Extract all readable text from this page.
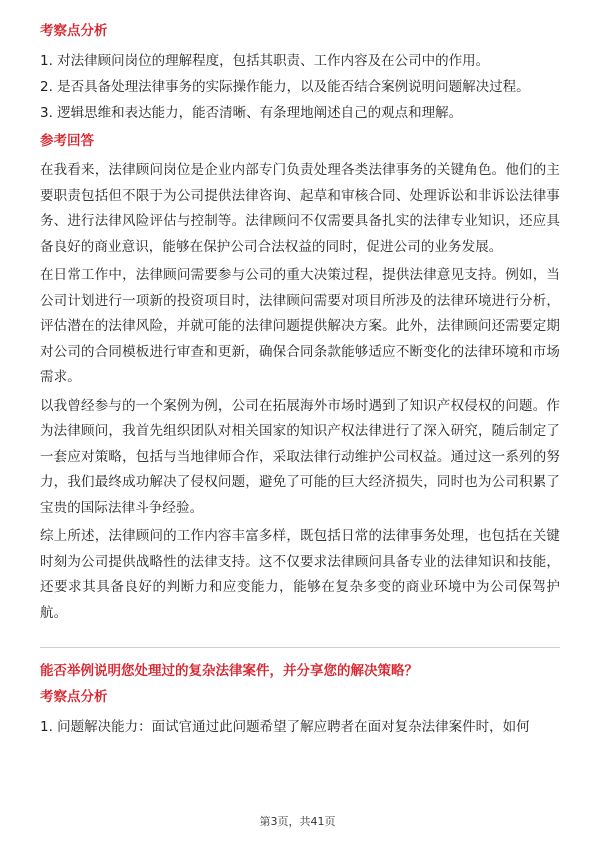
考察点分析

1. 对法律顾问岗位的理解程度，包括其职责、工作内容及在公司中的作用。

2. 是否具备处理法律事务的实际操作能力，以及能否结合案例说明问题解决过程。

3. 逻辑思维和表达能力，能否清晰、有条理地阐述自己的观点和理解。

参考回答

在我看来，法律顾问岗位是企业内部专门负责处理各类法律事务的关键角色。他们的主要职责包括但不限于为公司提供法律咨询、起草和审核合同、处理诉讼和非诉讼法律事务、进行法律风险评估与控制等。法律顾问不仅需要具备扎实的法律专业知识，还应具备良好的商业意识，能够在保护公司合法权益的同时，促进公司的业务发展。

在日常工作中，法律顾问需要参与公司的重大决策过程，提供法律意见支持。例如，当公司计划进行一项新的投资项目时，法律顾问需要对项目所涉及的法律环境进行分析，评估潜在的法律风险，并就可能的法律问题提供解决方案。此外，法律顾问还需要定期对公司的合同模板进行审查和更新，确保合同条款能够适应不断变化的法律环境和市场需求。

以我曾经参与的一个案例为例，公司在拓展海外市场时遇到了知识产权侵权的问题。作为法律顾问，我首先组织团队对相关国家的知识产权法律进行了深入研究，随后制定了一套应对策略，包括与当地律师合作，采取法律行动维护公司权益。通过这一系列的努力，我们最终成功解决了侵权问题，避免了可能的巨大经济损失，同时也为公司积累了宝贵的国际法律斗争经验。

综上所述，法律顾问的工作内容丰富多样，既包括日常的法律事务处理，也包括在关键时刻为公司提供战略性的法律支持。这不仅要求法律顾问具备专业的法律知识和技能，还要求其具备良好的判断力和应变能力，能够在复杂多变的商业环境中为公司保驾护航。

能否举例说明您处理过的复杂法律案件，并分享您的解决策略？
考察点分析

1. 问题解决能力：面试官通过此问题希望了解应聘者在面对复杂法律案件时，如何

第3页，共41页
